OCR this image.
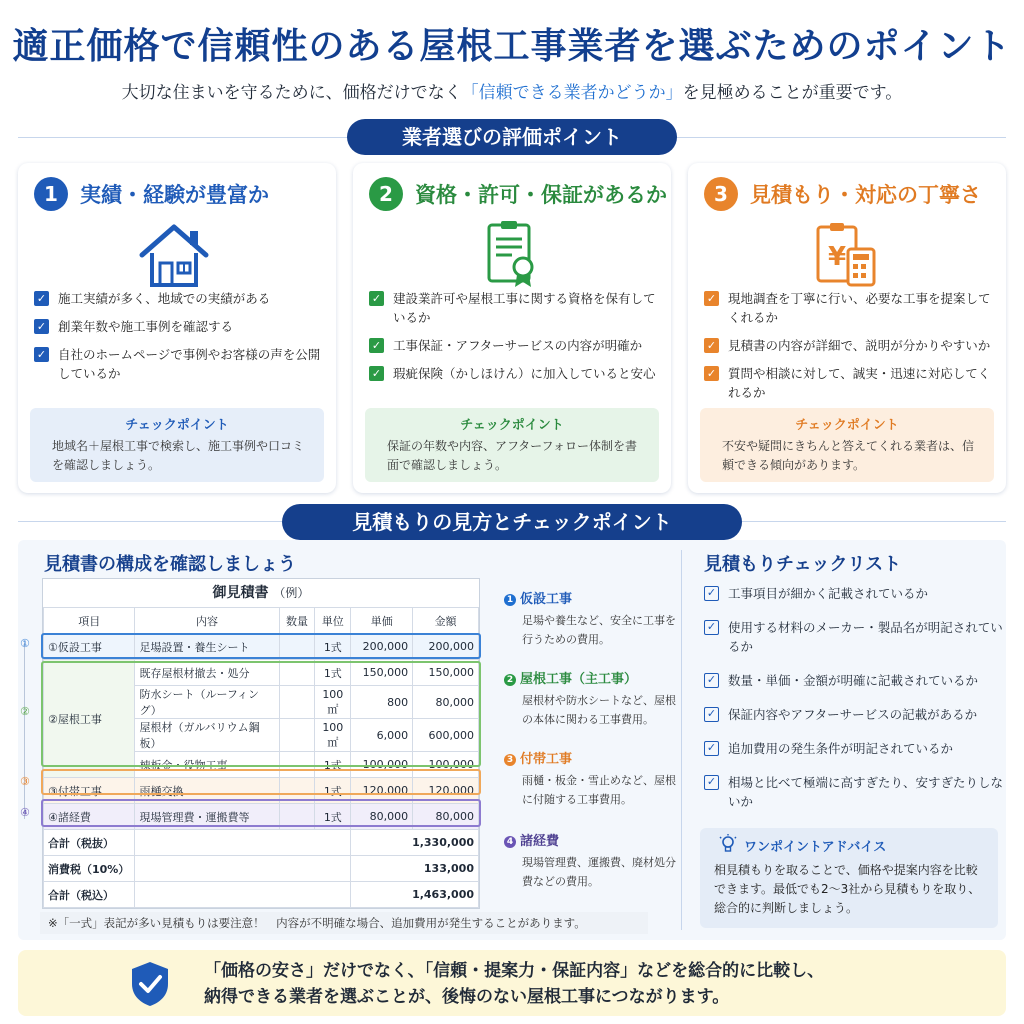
適正価格で信頼性のある屋根工事業者を選ぶためのポイント
大切な住まいを守るために、価格だけでなく「信頼できる業者かどうか」を見極めることが重要です。
業者選びの評価ポイント
1	実績・経験が豊富か
✓ 施工実績が多く、地域での実績がある
✓ 創業年数や施工事例を確認する
✓ 自社のホームページで事例やお客様の声を公開しているか
チェックポイント
地域名＋屋根工事で検索し、施工事例や口コミを確認しましょう。
2	資格・許可・保証があるか
✓ 建設業許可や屋根工事に関する資格を保有しているか
✓ 工事保証・アフターサービスの内容が明確か
✓ 瑕疵保険（かしほけん）に加入していると安心
チェックポイント
保証の年数や内容、アフターフォロー体制を書面で確認しましょう。
3	見積もり・対応の丁寧さ
¥
✓ 現地調査を丁寧に行い、必要な工事を提案してくれるか
✓ 見積書の内容が詳細で、説明が分かりやすいか
✓ 質問や相談に対して、誠実・迅速に対応してくれるか
チェックポイント
不安や疑問にきちんと答えてくれる業者は、信頼できる傾向があります。
見積もりの見方とチェックポイント
見積書の構成を確認しましょう
御見積書 （例）
項目	内容	数量	単位	単価	金額
①仮設工事	足場設置・養生シート		1式	200,000	200,000
②屋根工事	既存屋根材撤去・処分		1式	150,000	150,000
	防水シート（ルーフィング）		100㎡	800	80,000
	屋根材（ガルバリウム鋼板）		100㎡	6,000	600,000
	棟板金・役物工事		1式	100,000	100,000
③付帯工事	雨樋交換		1式	120,000	120,000
④諸経費	現場管理費・運搬費等		1式	80,000	80,000
合計（税抜）				1,330,000	
消費税（10%）				133,000	
合計（税込）				1,463,000	
①
②
③
④
1 仮設工事
足場や養生など、安全に工事を行うための費用。
2 屋根工事（主工事）
屋根材や防水シートなど、屋根の本体に関わる工事費用。
3 付帯工事
雨樋・板金・雪止めなど、屋根に付随する工事費用。
4 諸経費
現場管理費、運搬費、廃材処分費などの費用。
見積もりチェックリスト
✓ 工事項目が細かく記載されているか
✓ 使用する材料のメーカー・製品名が明記されているか
✓ 数量・単価・金額が明確に記載されているか
✓ 保証内容やアフターサービスの記載があるか
✓ 追加費用の発生条件が明記されているか
✓ 相場と比べて極端に高すぎたり、安すぎたりしないか
ワンポイントアドバイス
相見積もりを取ることで、価格や提案内容を比較できます。最低でも2〜3社から見積もりを取り、総合的に判断しましょう。
※「一式」表記が多い見積もりは要注意！　内容が不明確な場合、追加費用が発生することがあります。
「価格の安さ」だけでなく、「信頼・提案力・保証内容」などを総合的に比較し、
納得できる業者を選ぶことが、後悔のない屋根工事につながります。
